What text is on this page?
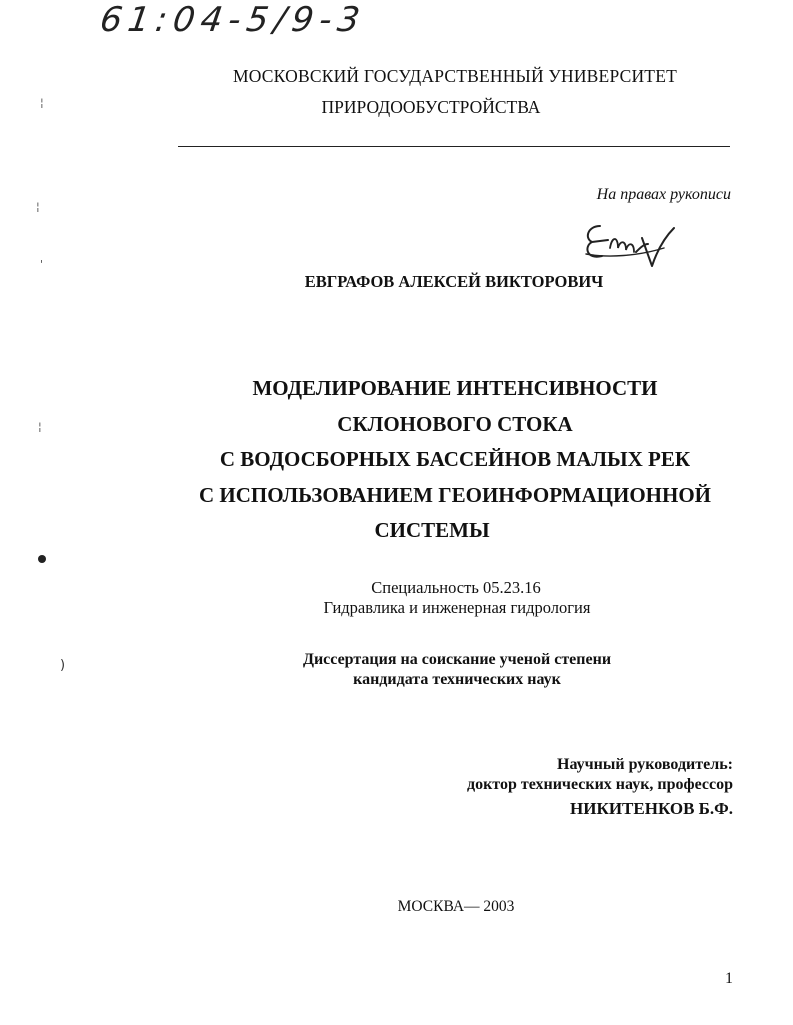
61:04-5/9-3
¦
¦
'
¦
)
МОСКОВСКИЙ ГОСУДАРСТВЕННЫЙ УНИВЕРСИТЕТ
ПРИРОДООБУСТРОЙСТВА
На правах рукописи
ЕВГРАФОВ АЛЕКСЕЙ ВИКТОРОВИЧ
МОДЕЛИРОВАНИЕ ИНТЕНСИВНОСТИ
СКЛОНОВОГО СТОКА
С ВОДОСБОРНЫХ БАССЕЙНОВ МАЛЫХ РЕК
С ИСПОЛЬЗОВАНИЕМ ГЕОИНФОРМАЦИОННОЙ
СИСТЕМЫ
Специальность 05.23.16
Гидравлика и инженерная гидрология
Диссертация на соискание ученой степени
кандидата технических наук
Научный руководитель:
доктор технических наук, профессор
НИКИТЕНКОВ Б.Ф.
МОСКВА— 2003
1
